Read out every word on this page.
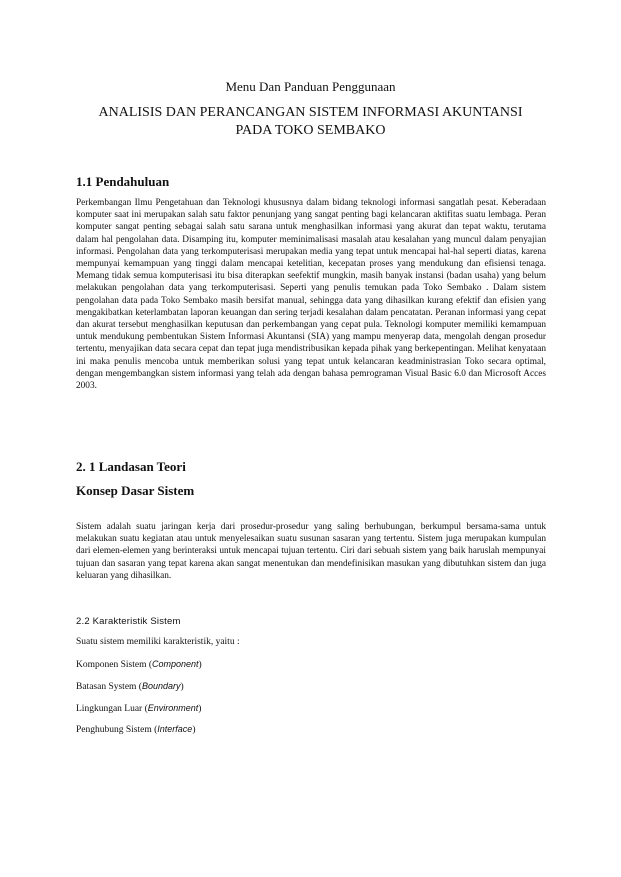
Menu Dan Panduan Penggunaan
ANALISIS DAN PERANCANGAN SISTEM INFORMASI AKUNTANSI
PADA TOKO SEMBAKO
1.1 Pendahuluan
Perkembangan Ilmu Pengetahuan dan Teknologi khususnya dalam bidang teknologi informasi sangatlah pesat. Keberadaan komputer saat ini merupakan salah satu faktor penunjang yang sangat penting bagi kelancaran aktifitas suatu lembaga. Peran komputer sangat penting sebagai salah satu sarana untuk menghasilkan informasi yang akurat dan tepat waktu, terutama dalam hal pengolahan data. Disamping itu, komputer meminimalisasi masalah atau kesalahan yang muncul dalam penyajian informasi. Pengolahan data yang terkomputerisasi merupakan media yang tepat untuk mencapai hal-hal seperti diatas, karena mempunyai kemampuan yang tinggi dalam mencapai ketelitian, kecepatan proses yang mendukung dan efisiensi tenaga. Memang tidak semua komputerisasi itu bisa diterapkan seefektif mungkin, masih banyak instansi (badan usaha) yang belum melakukan pengolahan data yang terkomputerisasi. Seperti yang penulis temukan pada Toko Sembako . Dalam sistem pengolahan data pada Toko Sembako masih bersifat manual, sehingga data yang dihasilkan kurang efektif dan efisien yang mengakibatkan keterlambatan laporan keuangan dan sering terjadi kesalahan dalam pencatatan. Peranan informasi yang cepat dan akurat tersebut menghasilkan keputusan dan perkembangan yang cepat pula. Teknologi komputer memiliki kemampuan untuk mendukung pembentukan Sistem Informasi Akuntansi (SIA) yang mampu menyerap data, mengolah dengan prosedur tertentu, menyajikan data secara cepat dan tepat juga mendistribusikan kepada pihak yang berkepentingan. Melihat kenyataan ini maka penulis mencoba untuk memberikan solusi yang tepat untuk kelancaran keadministrasian Toko secara optimal, dengan mengembangkan sistem informasi yang telah ada dengan bahasa pemrograman Visual Basic 6.0 dan Microsoft Acces 2003.
2. 1 Landasan Teori
Konsep Dasar Sistem
Sistem adalah suatu jaringan kerja dari prosedur-prosedur yang saling berhubungan, berkumpul bersama-sama untuk melakukan suatu kegiatan atau untuk menyelesaikan suatu susunan sasaran yang tertentu. Sistem juga merupakan kumpulan dari elemen-elemen yang berinteraksi untuk mencapai tujuan tertentu. Ciri dari sebuah sistem yang baik haruslah mempunyai tujuan dan sasaran yang tepat karena akan sangat menentukan dan mendefinisikan masukan yang dibutuhkan sistem dan juga keluaran yang dihasilkan.
2.2 Karakteristik Sistem
Suatu sistem memiliki karakteristik, yaitu :
Komponen Sistem (Component)
Batasan System (Boundary)
Lingkungan Luar (Environment)
Penghubung Sistem (Interface)
